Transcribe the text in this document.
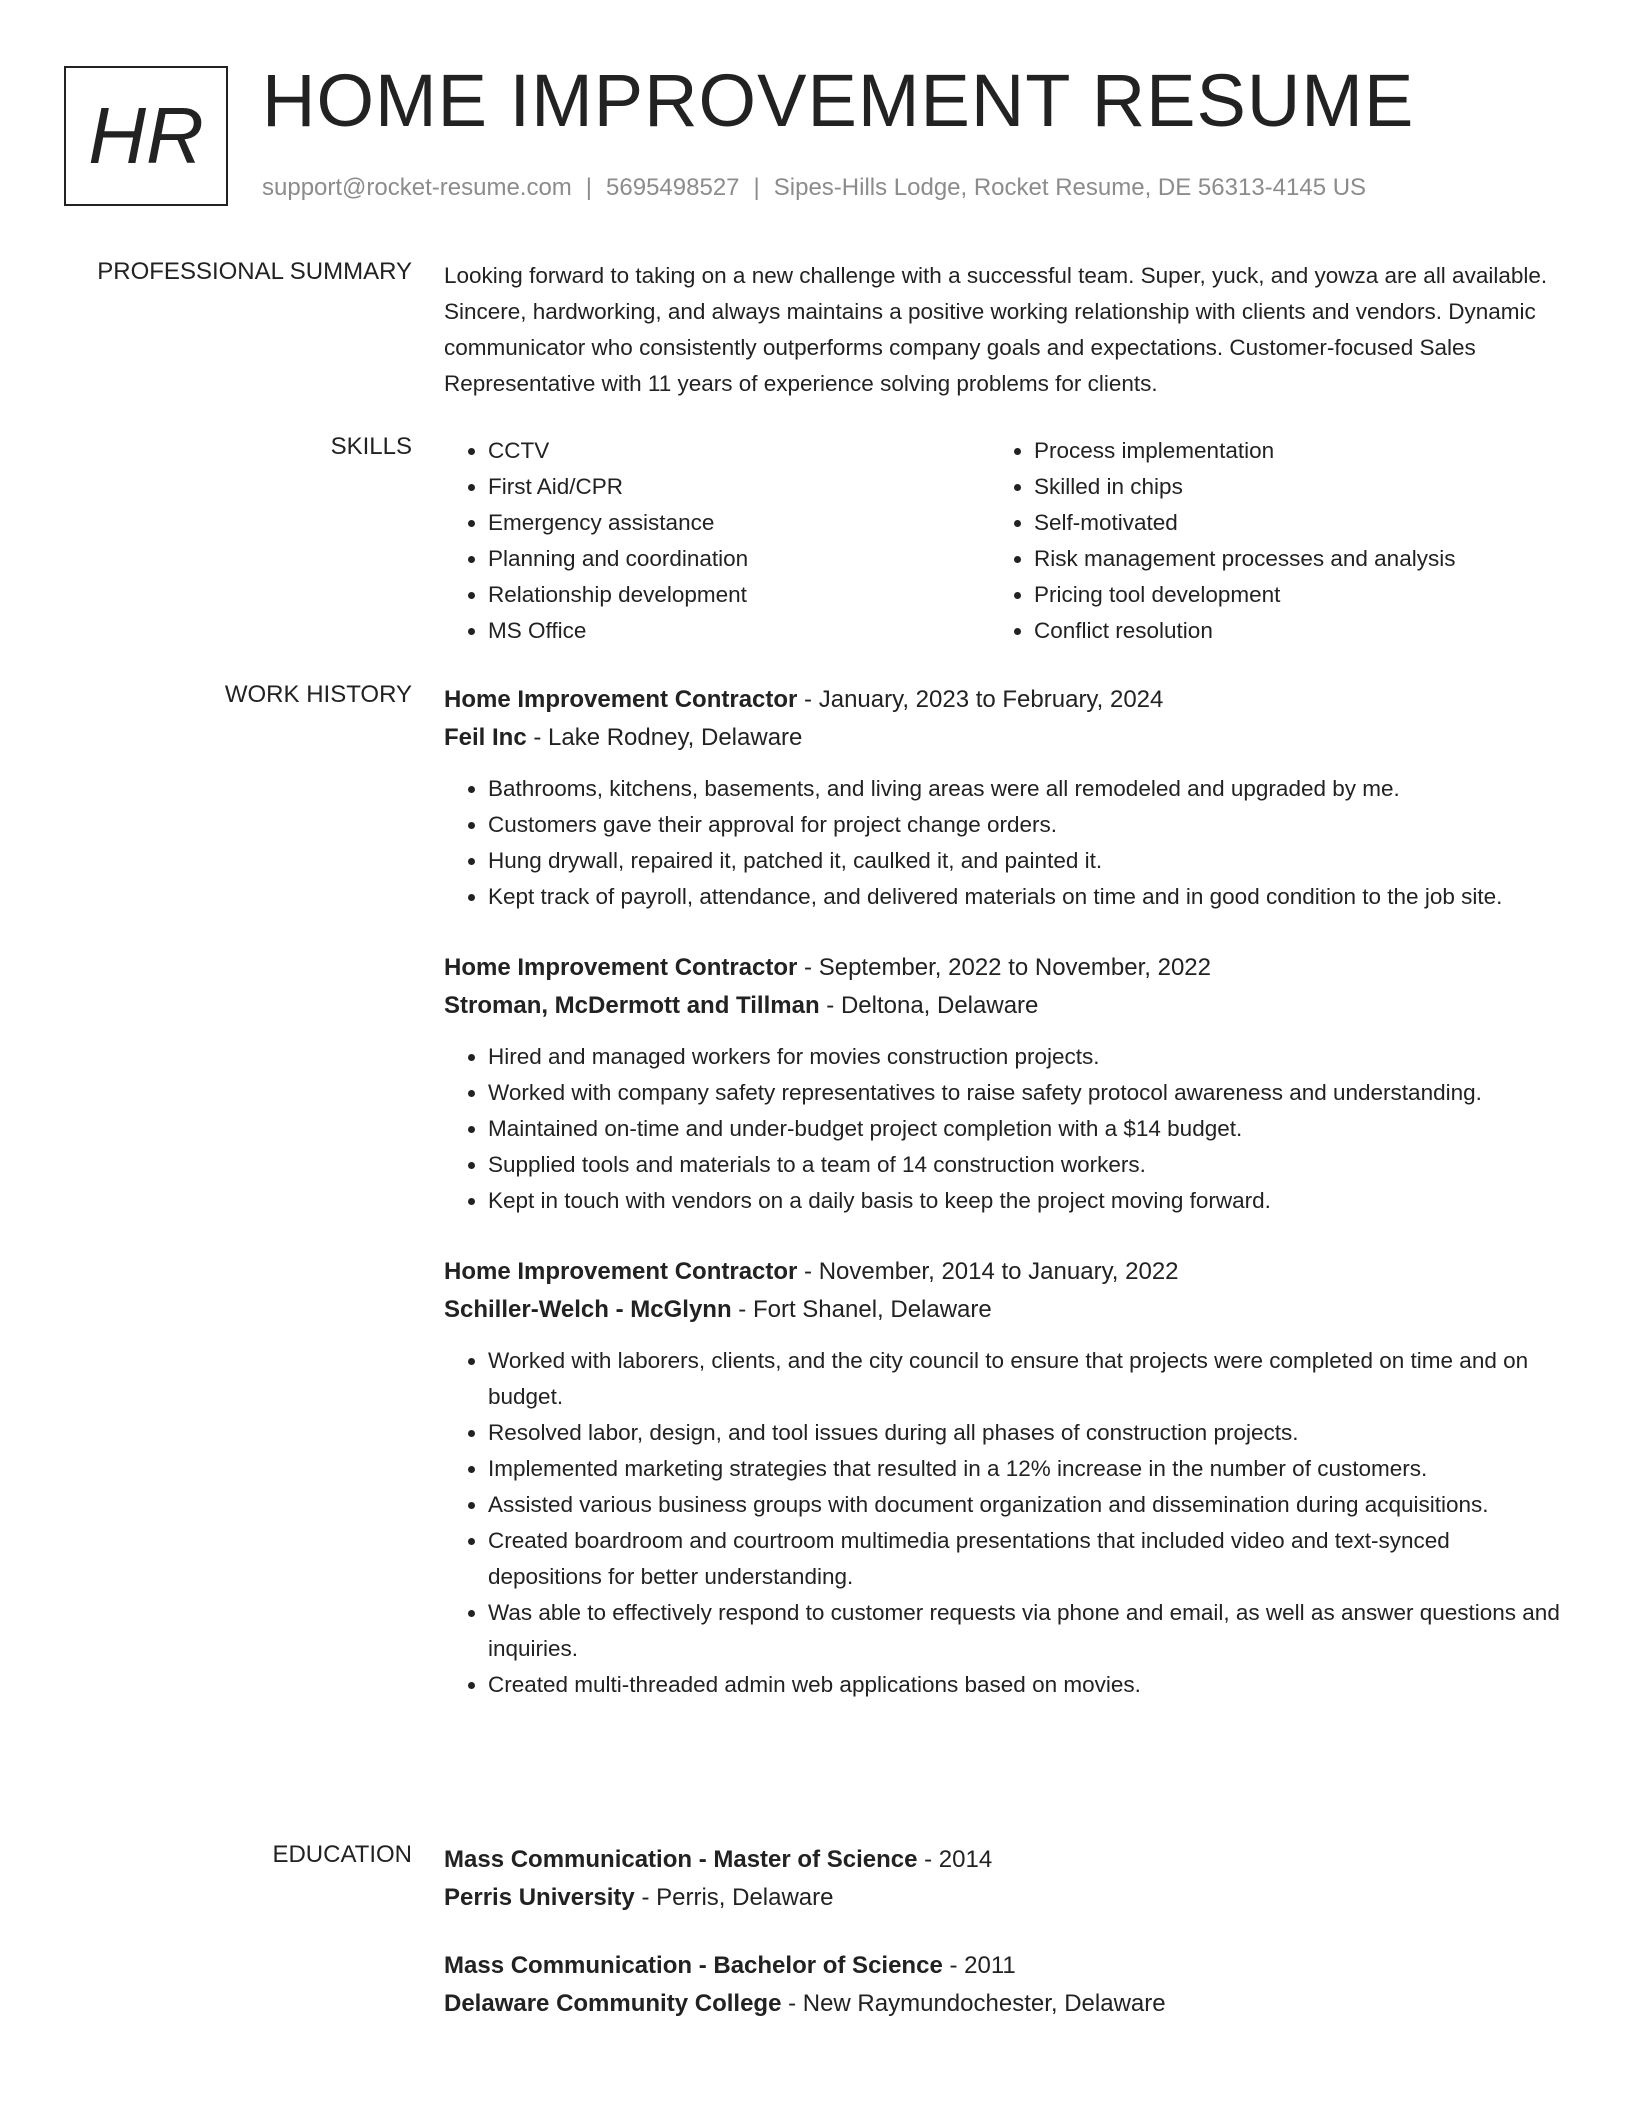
HR HOME IMPROVEMENT RESUME
support@rocket-resume.com | 5695498527 | Sipes-Hills Lodge, Rocket Resume, DE 56313-4145 US
PROFESSIONAL SUMMARY Looking forward to taking on a new challenge with a successful team. Super, yuck, and yowza are all available. Sincere, hardworking, and always maintains a positive working relationship with clients and vendors. Dynamic communicator who consistently outperforms company goals and expectations. Customer-focused Sales Representative with 11 years of experience solving problems for clients.

SKILLS
•	CCTV
• First Aid/CPR
• Emergency assistance
• Planning and coordination
• Relationship development
• MS Office
• Process implementation
• Skilled in chips
• Self-motivated
• Risk management processes and analysis
• Pricing tool development
• Conflict resolution
WORK HISTORY Home Improvement Contractor - January, 2023 to February, 2024
Feil Inc - Lake Rodney, Delaware
• Bathrooms, kitchens, basements, and living areas were all remodeled and upgraded by me.
• Customers gave their approval for project change orders.
• Hung drywall, repaired it, patched it, caulked it, and painted it.
• Kept track of payroll, attendance, and delivered materials on time and in good condition to the job site.
Home Improvement Contractor - September, 2022 to November, 2022
Stroman, McDermott and Tillman - Deltona, Delaware
• Hired and managed workers for movies construction projects.
• Worked with company safety representatives to raise safety protocol awareness and understanding.
• Maintained on-time and under-budget project completion with a $14 budget.
• Supplied tools and materials to a team of 14 construction workers.
• Kept in touch with vendors on a daily basis to keep the project moving forward.
Home Improvement Contractor - November, 2014 to January, 2022
Schiller-Welch - McGlynn - Fort Shanel, Delaware
• Worked with laborers, clients, and the city council to ensure that projects were completed on time and on budget.
• Resolved labor, design, and tool issues during all phases of construction projects.
• Implemented marketing strategies that resulted in a 12% increase in the number of customers.
• Assisted various business groups with document organization and dissemination during acquisitions.
• Created boardroom and courtroom multimedia presentations that included video and text-synced depositions for better understanding.
• Was able to effectively respond to customer requests via phone and email, as well as answer questions and inquiries.
• Created multi-threaded admin web applications based on movies.
EDUCATION Mass Communication - Master of Science - 2014
Perris University - Perris, Delaware
Mass Communication - Bachelor of Science - 2011
Delaware Community College - New Raymundochester, Delaware
